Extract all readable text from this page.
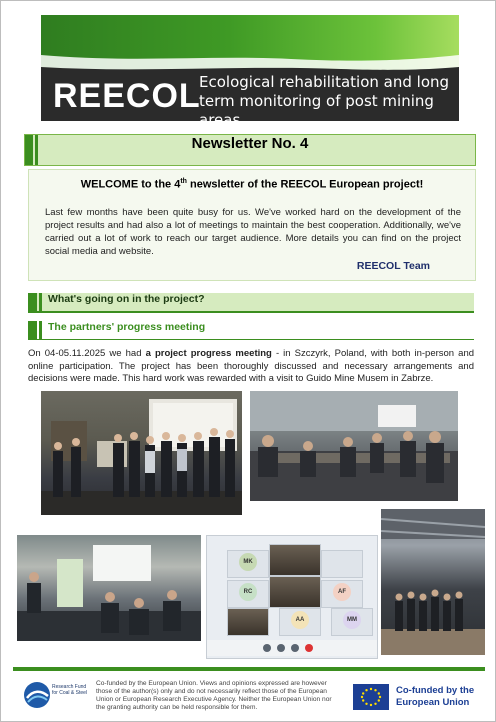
REECOL
Ecological rehabilitation and long term monitoring of post mining areas
Newsletter No. 4
WELCOME to the 4th newsletter of the REECOL European project!
Last few months have been quite busy for us. We've worked hard on the development of the project results and had also a lot of meetings to maintain the best cooperation. Additionally, we've carried out a lot of work to reach our target audience. More details you can find on the project social media and website.
REECOL Team
What's going on in the project?
The partners' progress meeting
On 04-05.11.2025 we had a project progress meeting - in Szczyrk, Poland, with both in-person and online participation. The project has been thoroughly discussed and necessary arrangements and decisions were made. This hard work was rewarded with a visit to Guido Mine Musem in Zabrze.
MK
RC	AF
AA	MM
Research Fund for Coal & Steel
Co-funded by the European Union. Views and opinions expressed are however those of the author(s) only and do not necessarily reflect those of the European Union or European Research Executive Agency. Neither the European Union nor the granting authority can be held responsible for them.
Co-funded by the European Union
